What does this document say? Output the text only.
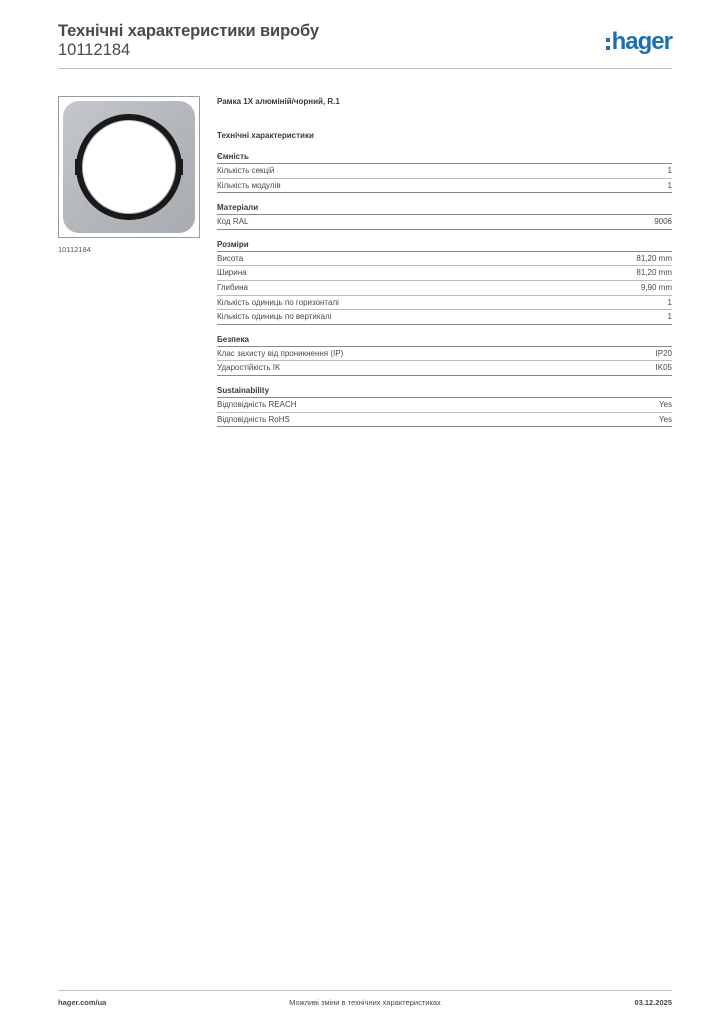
Технічні характеристики виробу
10112184	hager
10112184
Рамка 1X алюміній/чорний, R.1
Технічні характеристики
Ємність
Кількість секцій	1
Кількість модулів	1
Матеріали
Код RAL	9006
Розміри
Висота	81,20 mm
Ширина	81,20 mm
Глибина	9,90 mm
Кількість одиниць по горизонталі	1
Кількість одиниць по вертикалі	1
Безпека
Клас захисту від проникнення (IP)	IP20
Ударостійкість IK	IK05
Sustainability
Відповідність REACH	Yes
Відповідність RoHS	Yes
hager.com/ua	Можливі зміни в технічних характеристиках	03.12.2025
